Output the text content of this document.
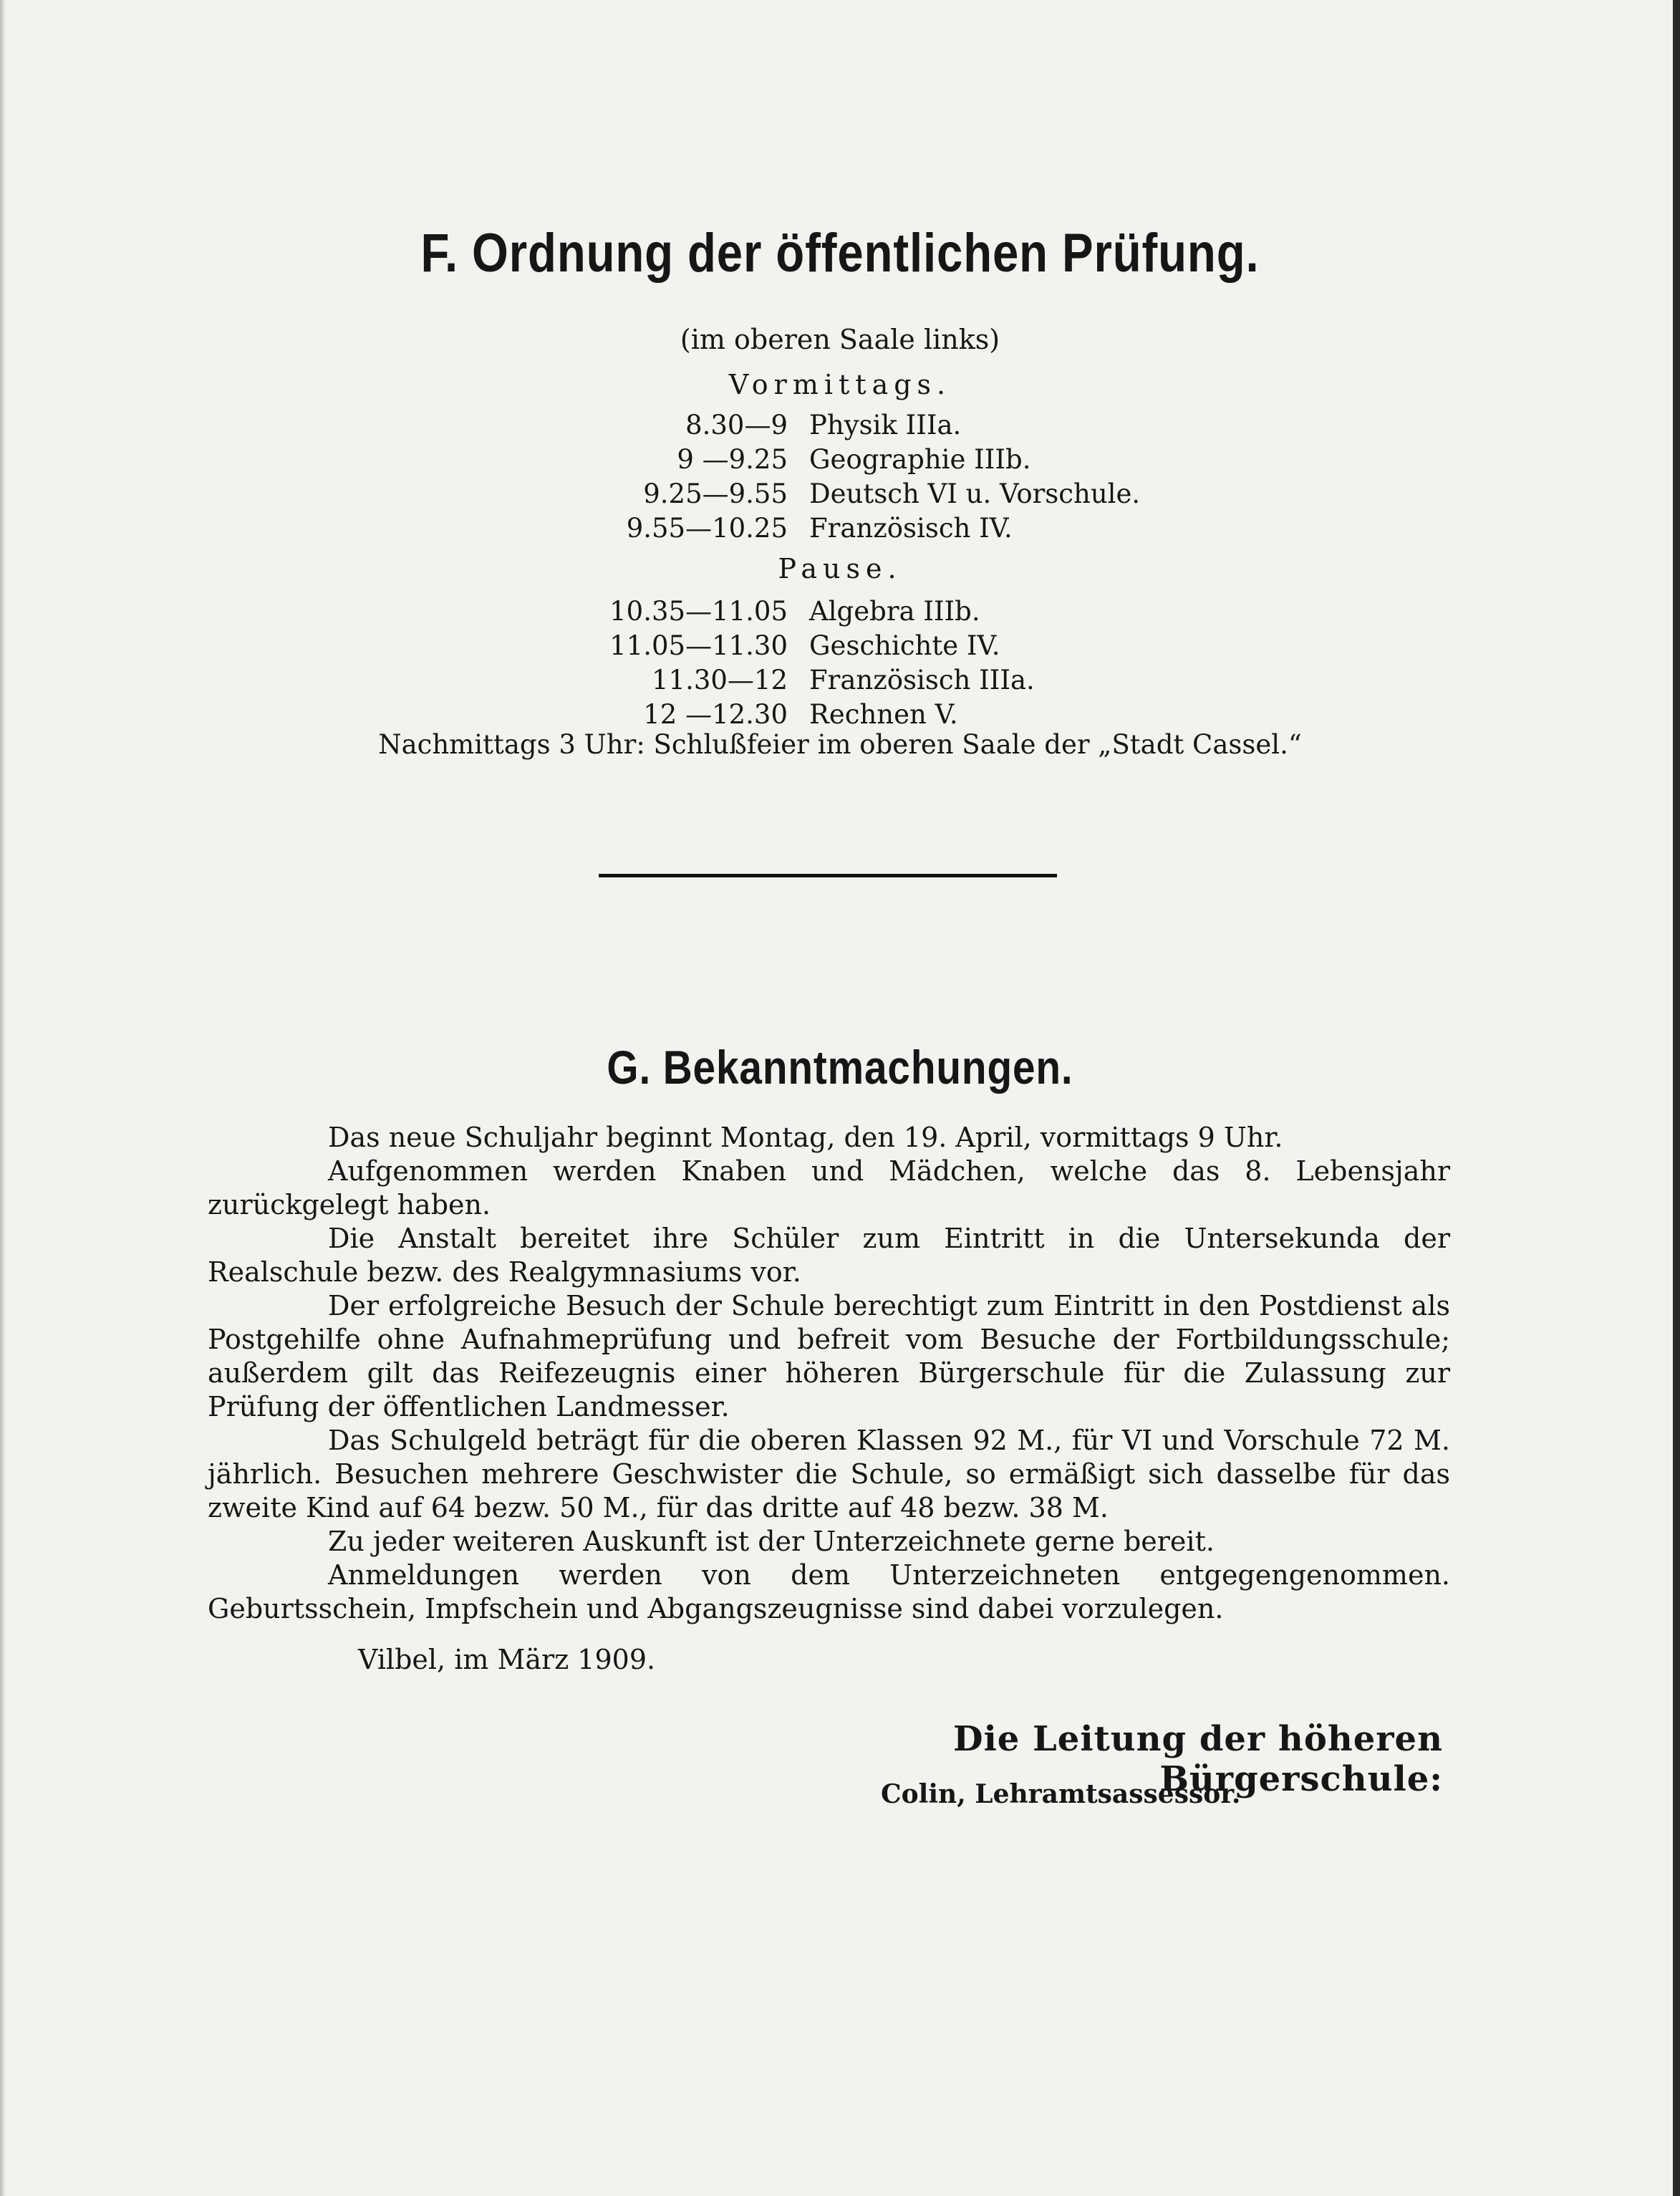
F. Ordnung der öffentlichen Prüfung.
(im oberen Saale links)
Vormittags.
8.30—9 Physik IIIa.
9 —9.25 Geographie IIIb.
9.25—9.55 Deutsch VI u. Vorschule.
9.55—10.25 Französisch IV.
Pause.
10.35—11.05 Algebra IIIb.
11.05—11.30 Geschichte IV.
11.30—12 Französisch IIIa.
12 —12.30 Rechnen V.
Nachmittags 3 Uhr: Schlußfeier im oberen Saale der „Stadt Cassel.“
G. Bekanntmachungen.

Das neue Schuljahr beginnt Montag, den 19. April, vormittags 9 Uhr.

Aufgenommen werden Knaben und Mädchen, welche das 8. Lebensjahr zurückgelegt haben.

Die Anstalt bereitet ihre Schüler zum Eintritt in die Untersekunda der Realschule bezw. des Realgymnasiums vor.

Der erfolgreiche Besuch der Schule berechtigt zum Eintritt in den Postdienst als Postgehilfe ohne Aufnahmeprüfung und befreit vom Besuche der Fortbildungsschule; außerdem gilt das Reifezeugnis einer höheren Bürgerschule für die Zulassung zur Prüfung der öffentlichen Landmesser.

Das Schulgeld beträgt für die oberen Klassen 92 M., für VI und Vorschule 72 M. jährlich. Besuchen mehrere Geschwister die Schule, so ermäßigt sich dasselbe für das zweite Kind auf 64 bezw. 50 M., für das dritte auf 48 bezw. 38 M.

Zu jeder weiteren Auskunft ist der Unterzeichnete gerne bereit.

Anmeldungen werden von dem Unterzeichneten entgegengenommen. Geburtsschein, Impfschein und Abgangszeugnisse sind dabei vorzulegen.

Vilbel, im März 1909.
Die Leitung der höheren Bürgerschule:
Colin, Lehramtsassessor.
